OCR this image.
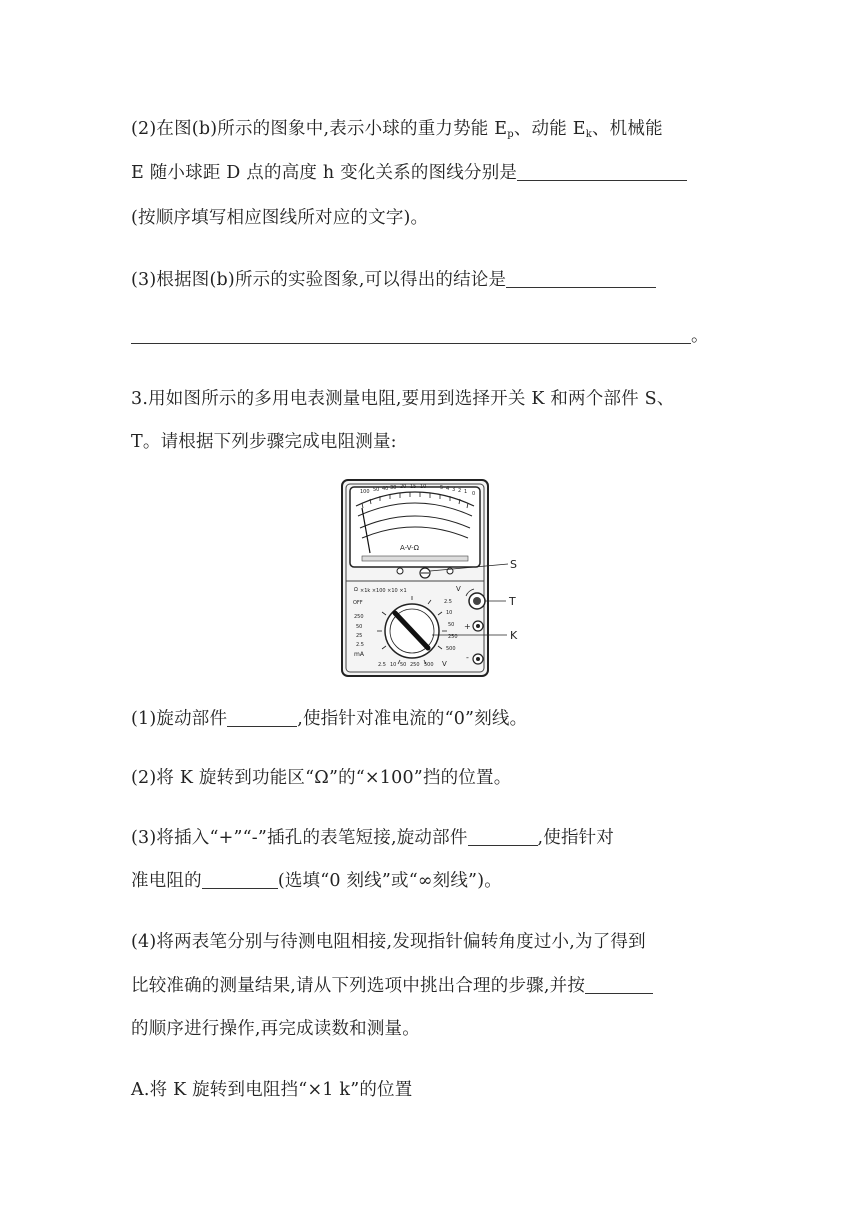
(2)在图(b)所示的图象中,表示小球的重力势能 $E_p$、动能 $E_k$、机械能
E 随小球距 D 点的高度 h 变化关系的图线分别是
(按顺序填写相应图线所对应的文字)。
(3)根据图(b)所示的实验图象,可以得出的结论是
。
3.用如图所示的多用电表测量电阻,要用到选择开关 K 和两个部件 S、
T。请根据下列步骤完成电阻测量:
100 50 40 30 20 15 10	5 4 3 2 1 0
A-V-Ω
S
Ω ×1k ×100 ×10 ×1	V
OFF
250
50
25
2.5
mA
2.5
10
50
250
500
2.5 10 50 250 500 V
K
T
+
-
(1)旋动部件	,使指针对准电流的“0”刻线。
(2)将 K 旋转到功能区“Ω”的“×100”挡的位置。
(3)将插入“+”“-”插孔的表笔短接,旋动部件	,使指针对
准电阻的	(选填“0 刻线”或“∞刻线”)。
(4)将两表笔分别与待测电阻相接,发现指针偏转角度过小,为了得到
比较准确的测量结果,请从下列选项中挑出合理的步骤,并按
的顺序进行操作,再完成读数和测量。
A.将 K 旋转到电阻挡“×1 k”的位置
